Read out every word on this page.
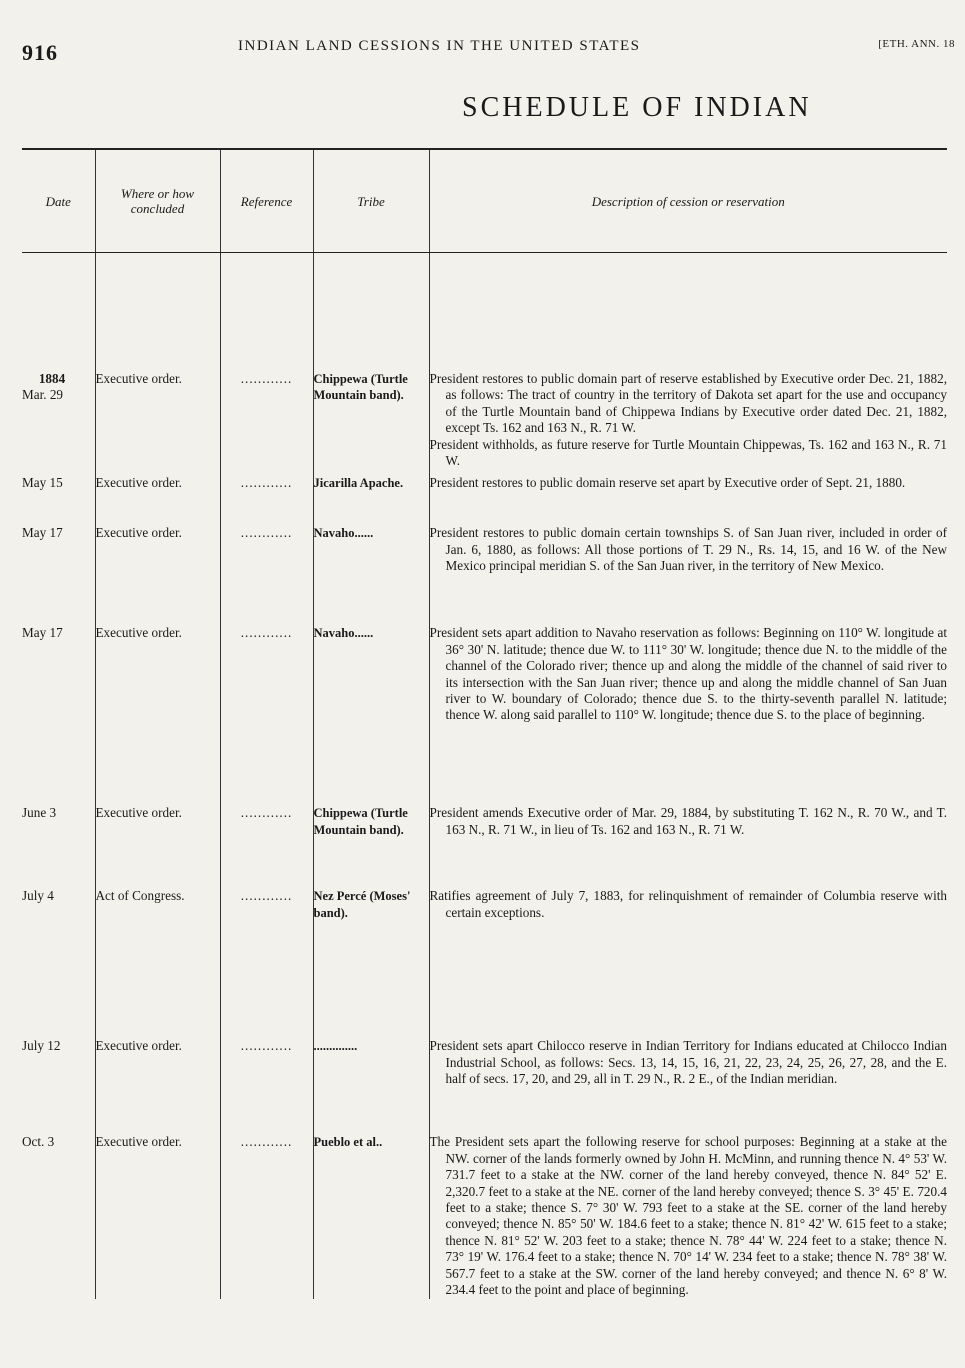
916	INDIAN LAND CESSIONS IN THE UNITED STATES	[ETH. ANN. 18
SCHEDULE OF INDIAN
Date	Where or how concluded	Reference	Tribe	Description of cession or reservation

1884
Mar. 29	Executive order.	............	Chippewa (Turtle Mountain band).	President restores to public domain part of reserve established by Executive order Dec. 21, 1882, as follows: The tract of country in the territory of Dakota set apart for the use and occupancy of the Turtle Mountain band of Chippewa Indians by Executive order dated Dec. 21, 1882, except Ts. 162 and 163 N., R. 71 W.
President withholds, as future reserve for Turtle Mountain Chippewas, Ts. 162 and 163 N., R. 71 W.

May 15	Executive order.	............	Jicarilla Apache.	President restores to public domain reserve set apart by Executive order of Sept. 21, 1880.

May 17	Executive order.	............	Navaho......	President restores to public domain certain townships S. of San Juan river, included in order of Jan. 6, 1880, as follows: All those portions of T. 29 N., Rs. 14, 15, and 16 W. of the New Mexico principal meridian S. of the San Juan river, in the territory of New Mexico.

May 17	Executive order.	............	Navaho......	President sets apart addition to Navaho reservation as follows: Beginning on 110° W. longitude at 36° 30' N. latitude; thence due W. to 111° 30' W. longitude; thence due N. to the middle of the channel of the Colorado river; thence up and along the middle of the channel of said river to its intersection with the San Juan river; thence up and along the middle channel of San Juan river to W. boundary of Colorado; thence due S. to the thirty-seventh parallel N. latitude; thence W. along said parallel to 110° W. longitude; thence due S. to the place of beginning.

June 3	Executive order.	............	Chippewa (Turtle Mountain band).	President amends Executive order of Mar. 29, 1884, by substituting T. 162 N., R. 70 W., and T. 163 N., R. 71 W., in lieu of Ts. 162 and 163 N., R. 71 W.

July 4	Act of Congress.	............	Nez Percé (Moses' band).	Ratifies agreement of July 7, 1883, for relinquishment of remainder of Columbia reserve with certain exceptions.

July 12	Executive order.	............	..............	President sets apart Chilocco reserve in Indian Territory for Indians educated at Chilocco Indian Industrial School, as follows: Secs. 13, 14, 15, 16, 21, 22, 23, 24, 25, 26, 27, 28, and the E. half of secs. 17, 20, and 29, all in T. 29 N., R. 2 E., of the Indian meridian.

Oct. 3	Executive order.	............	Pueblo et al..	The President sets apart the following reserve for school purposes: Beginning at a stake at the NW. corner of the lands formerly owned by John H. McMinn, and running thence N. 4° 53' W. 731.7 feet to a stake at the NW. corner of the land hereby conveyed, thence N. 84° 52' E. 2,320.7 feet to a stake at the NE. corner of the land hereby conveyed; thence S. 3° 45' E. 720.4 feet to a stake; thence S. 7° 30' W. 793 feet to a stake at the SE. corner of the land hereby conveyed; thence N. 85° 50' W. 184.6 feet to a stake; thence N. 81° 42' W. 615 feet to a stake; thence N. 81° 52' W. 203 feet to a stake; thence N. 78° 44' W. 224 feet to a stake; thence N. 73° 19' W. 176.4 feet to a stake; thence N. 70° 14' W. 234 feet to a stake; thence N. 78° 38' W. 567.7 feet to a stake at the SW. corner of the land hereby conveyed; and thence N. 6° 8' W. 234.4 feet to the point and place of beginning.
